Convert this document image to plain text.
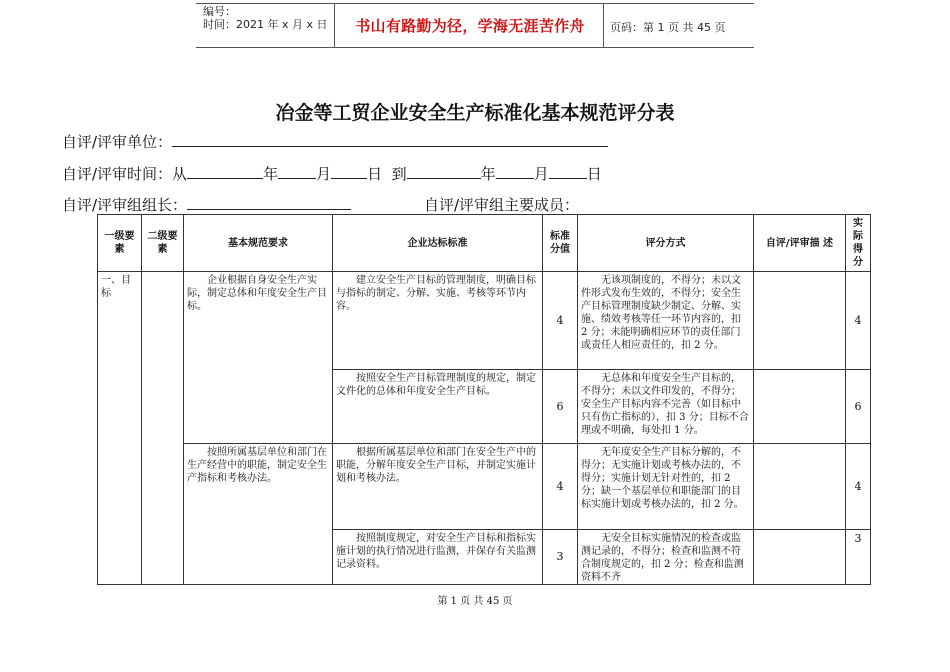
编号：
时间：2021 年 x 月 x 日	书山有路勤为径，学海无涯苦作舟	页码：第 1 页 共 45 页
冶金等工贸企业安全生产标准化基本规范评分表
自评/评审单位：
自评/评审时间：从	年	月 日 到	年	月	日
自评/评审组组长：	自评/评审组主要成员：
一级要素	二级要素	基本规范要求	企业达标标准	标准分值	评分方式	自评/评审描 述	实际得分
一、目标		企业根据自身安全生产实际，制定总体和年度安全生产目标。	建立安全生产目标的管理制度，明确目标与指标的制定、分解、实施、考核等环节内容。	4	无该项制度的，不得分；未以文件形式发布生效的，不得分；安全生产目标管理制度缺少制定、分解、实施、绩效考核等任一环节内容的，扣 2 分；未能明确相应环节的责任部门或责任人相应责任的，扣 2 分。		4
			按照安全生产目标管理制度的规定，制定文件化的总体和年度安全生产目标。	6	无总体和年度安全生产目标的，不得分；未以文件印发的，不得分；安全生产目标内容不完善（如目标中只有伤亡指标的），扣 3 分；目标不合理或不明确，每处扣 1 分。		6
		按照所属基层单位和部门在生产经营中的职能，制定安全生产指标和考核办法。	根据所属基层单位和部门在安全生产中的职能，分解年度安全生产目标，并制定实施计划和考核办法。	4	无年度安全生产目标分解的，不得分；无实施计划或考核办法的，不得分；实施计划无针对性的，扣 2 分；缺一个基层单位和职能部门的目标实施计划或考核办法的，扣 2 分。		4
			按照制度规定，对安全生产目标和指标实施计划的执行情况进行监测，并保存有关监测记录资料。	3	无安全目标实施情况的检查或监测记录的，不得分；检查和监测不符合制度规定的，扣 2 分；检查和监测资料不齐		3
第 1 页 共 45 页
